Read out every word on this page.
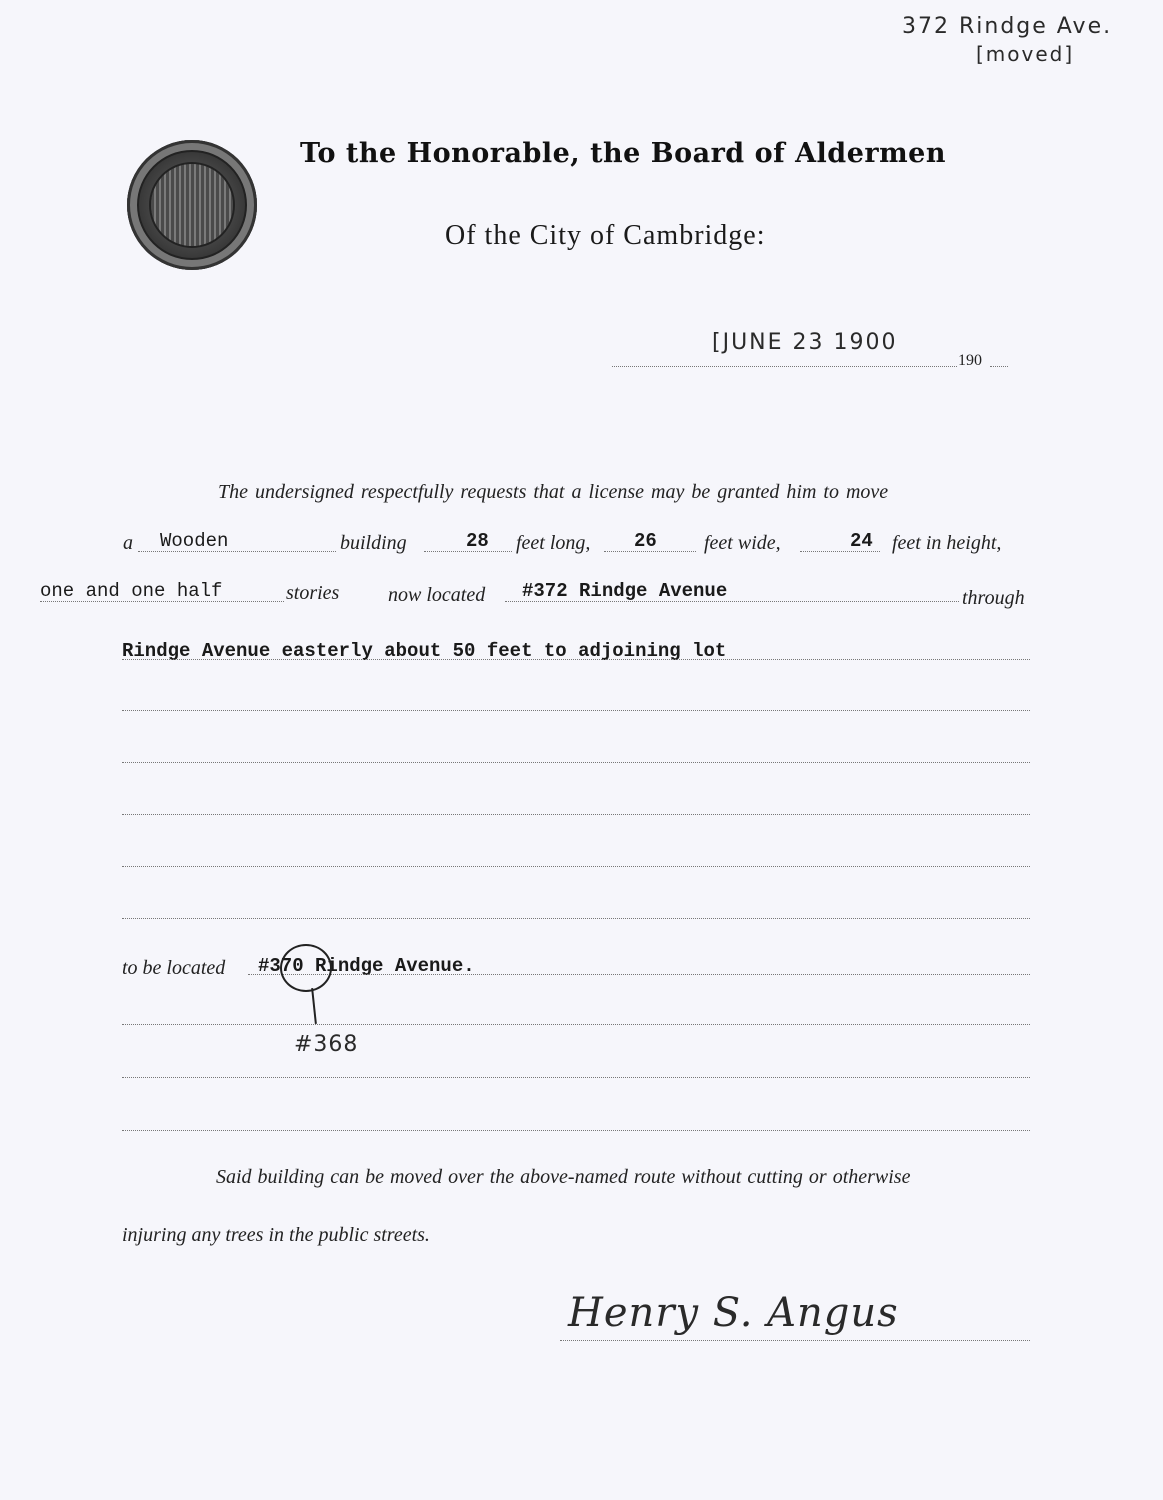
372 Rindge Ave.
[moved]
To the Honorable, the Board of Aldermen
Of the City of Cambridge:
[JUNE 23 1900
190
The undersigned respectfully requests that a license may be granted him to move
a Wooden	building	28 feet long, 26 feet wide,	24 feet in height,
one and one half	stories now located #372 Rindge Avenue	through
Rindge Avenue easterly about 50 feet to adjoining lot
to be located #370 Rindge Avenue.
#368
Said building can be moved over the above-named route without cutting or otherwise
injuring any trees in the public streets.
Henry S. Angus
